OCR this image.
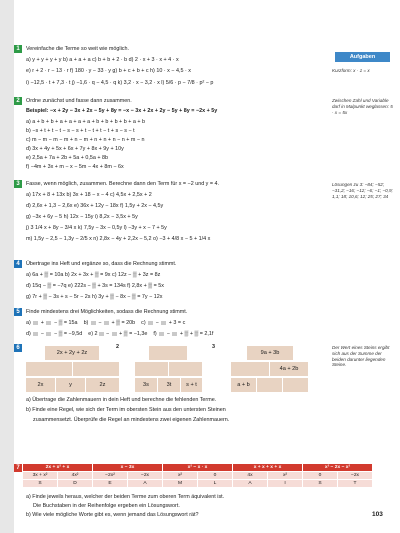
1	Vereinfache die Terme so weit wie möglich.
a) y + y + y + y b) a + a + a c) b + b + 2 · b d) 2 · x + 3 · x + 4 · x
e) r + 2 · r − 13 · r f) 180 · y − 33 · y g) b + c + b + c h) 10 · x − 4,5 · x
i) −12,5 · t + 7,3 · t j) −1,6 · q − 4,5 · q k) 3,2 · x − 3,2 · x l) 5/6 · p − 7/8 · p² − p
Aufgaben
Kurzform: x · 1 = x
2	Ordne zunächst und fasse dann zusammen.
Beispiel: −x + 2y − 3x + 2x − 5y + 8y = −x − 3x + 2x + 2y − 5y + 8y = −2x + 5y
a) a + b + b + a + a + a + a + b + b + b + b + a + b
b) −s + t + t − t − s − s + t − t + t − t + s − s − t
c) m − m − m − m + n − m + n + n + n − n + m − n
d) 3x + 4y + 5x + 6x + 7y + 8x + 9y + 10y
e) 2,5a + 7a + 2b + 5a + 0,5a + 8b
f) −4m + 3x + m − x − 5m − 4x + 8m − 6x
Zwischen Zahl und Variable darf in Malpunkt weglassen: 5 · x = 5x
3	Fasse, wenn möglich, zusammen. Berechne dann den Term für x = −2 und y = 4.
a) 17x + 8 + 13x b) 3x + 18 − x − 4 c) 4,5x + 2,5x + 2
d) 2,6x + 1,3 − 2,6x e) 36x + 12y − 18x f) 1,5y + 2x − 4,5y
g) −3x + 6y − 5 h) 12x − 15y i) 8,2x − 3,5x + 5y
j) 3 1/4 x + 8y − 3/4 x k) 7,5y − 3x − 0,5y l) −3y + x − 7 + 5y
m) 1,5y − 2,5 − 1,3y − 2/5 x n) 2,8x − 4y + 2,2x − 5,2 o) −3 + 4/8 x − 5 + 1/4 x
Lösungen zu 3: −84; −52; −31,2; −16; −12; −6; −1; −0,9; 1,1; 18; 10,6; 12; 25; 27; 34
4	Übertrage ins Heft und ergänze so, dass die Rechnung stimmt.
a) 6a + ▒ = 10a b) 2x + 3x + ▒ = 9x c) 12z − ▒ + 3z = 8z
d) 15q − ▒ = −7q e) 222s − ▒ + 3s = 134s f) 2,8x + ▒ = 5x
g) 7r + ▒ − 3s + s − 5r − 2s h) 3y + ▒ − 8x − ▒ = 7y − 12x
5	Finde mindestens drei Möglichkeiten, sodass die Rechnung stimmt.
a)  +  − ▒ = 15a b)  −  + ▒ = 20b c)  −  + 3 = c
d)  −  − ▒ = −9,5d e) 2 −  + ▒ = −1,3e f)  −  + ▒ + ▒ = 2,1f
6	2	3
2x + 2y + 2z
2x	y	2z	3s	3t	s + t
9a + 3b
4a + 2b
a + b
Der Wert eines Steins ergibt sich aus der Summe der beiden darunter liegenden Steine.
a) Übertrage die Zahlenmauern in dein Heft und berechne die fehlenden Terme.
b) Finde eine Regel, wie sich der Term im obersten Stein aus den untersten Steinen
zusammensetzt. Überprüfe die Regel an mindestens zwei eigenen Zahlenmauern.
7	2x + x² + x		x − 3x		x² − x · x		x + x + x + x		x² − 2x − x²	
3x + x²	4x²	−2x²	−2x	x²	0	4x	x²	0	−2x
S	D	E	A	M	L	A	I	S	T
a) Finde jeweils heraus, welcher der beiden Terme zum oberen Term äquivalent ist.
Die Buchstaben in der Reihenfolge ergeben ein Lösungswort.
b) Wie viele mögliche Worte gibt es, wenn jemand das Lösungswort rät?	103
